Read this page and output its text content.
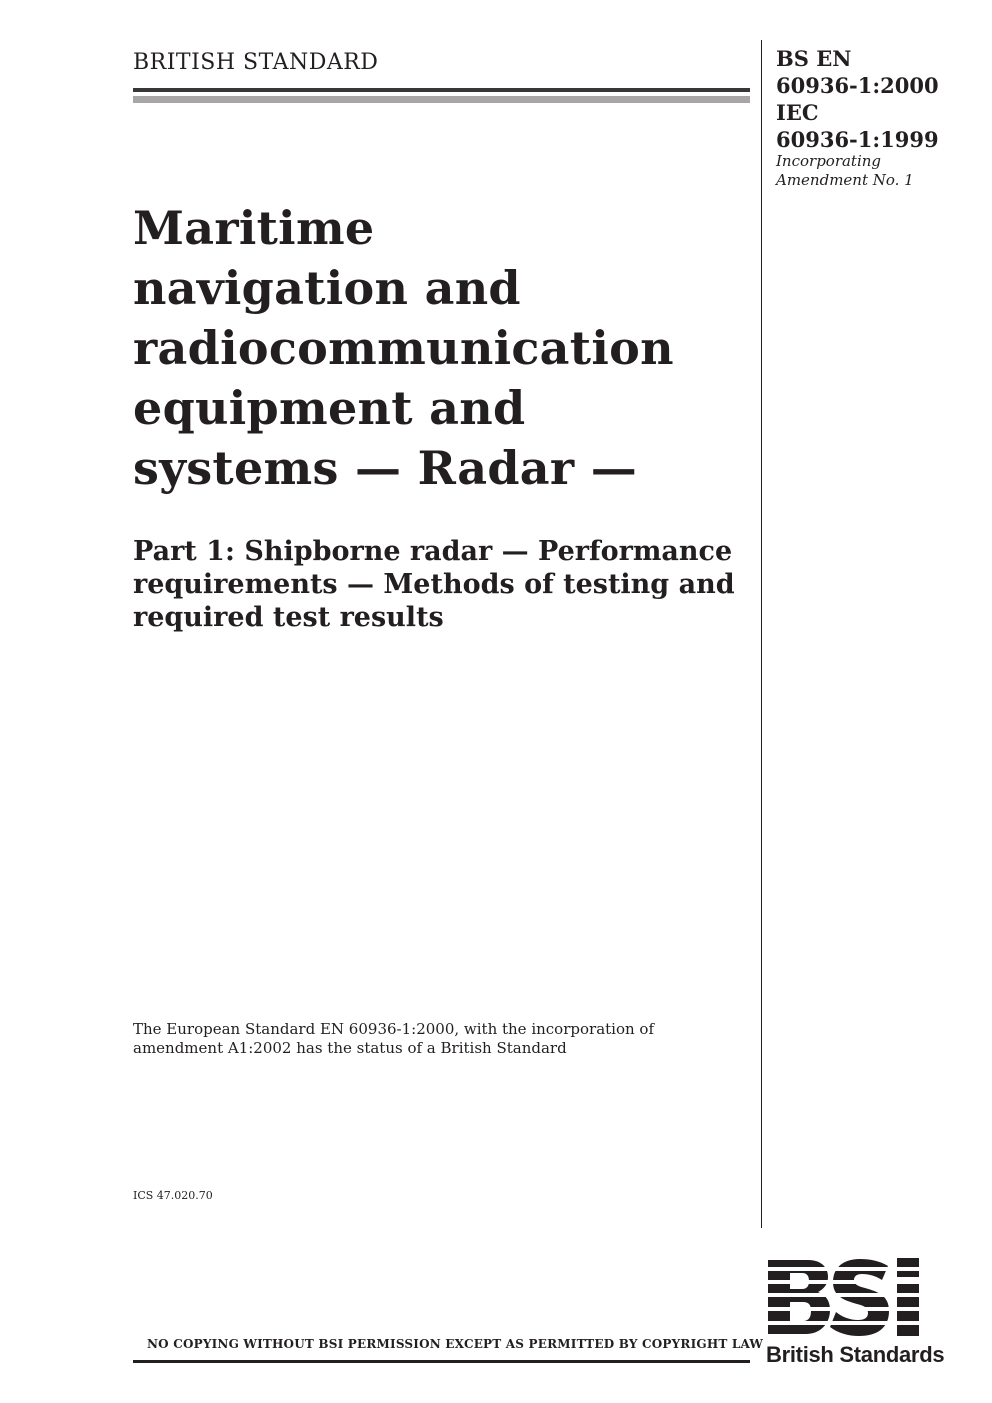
BRITISH STANDARD	BS EN
60936-1:2000
IEC
60936-1:1999
Incorporating
Amendment No. 1
Maritime
navigation and
radiocommunication
equipment and
systems — Radar —
Part 1: Shipborne radar — Performance
requirements — Methods of testing and
required test results
The European Standard EN 60936-1:2000, with the incorporation of
amendment A1:2002 has the status of a British Standard
ICS 47.020.70
NO COPYING WITHOUT BSI PERMISSION EXCEPT AS PERMITTED BY COPYRIGHT LAW British Standards
